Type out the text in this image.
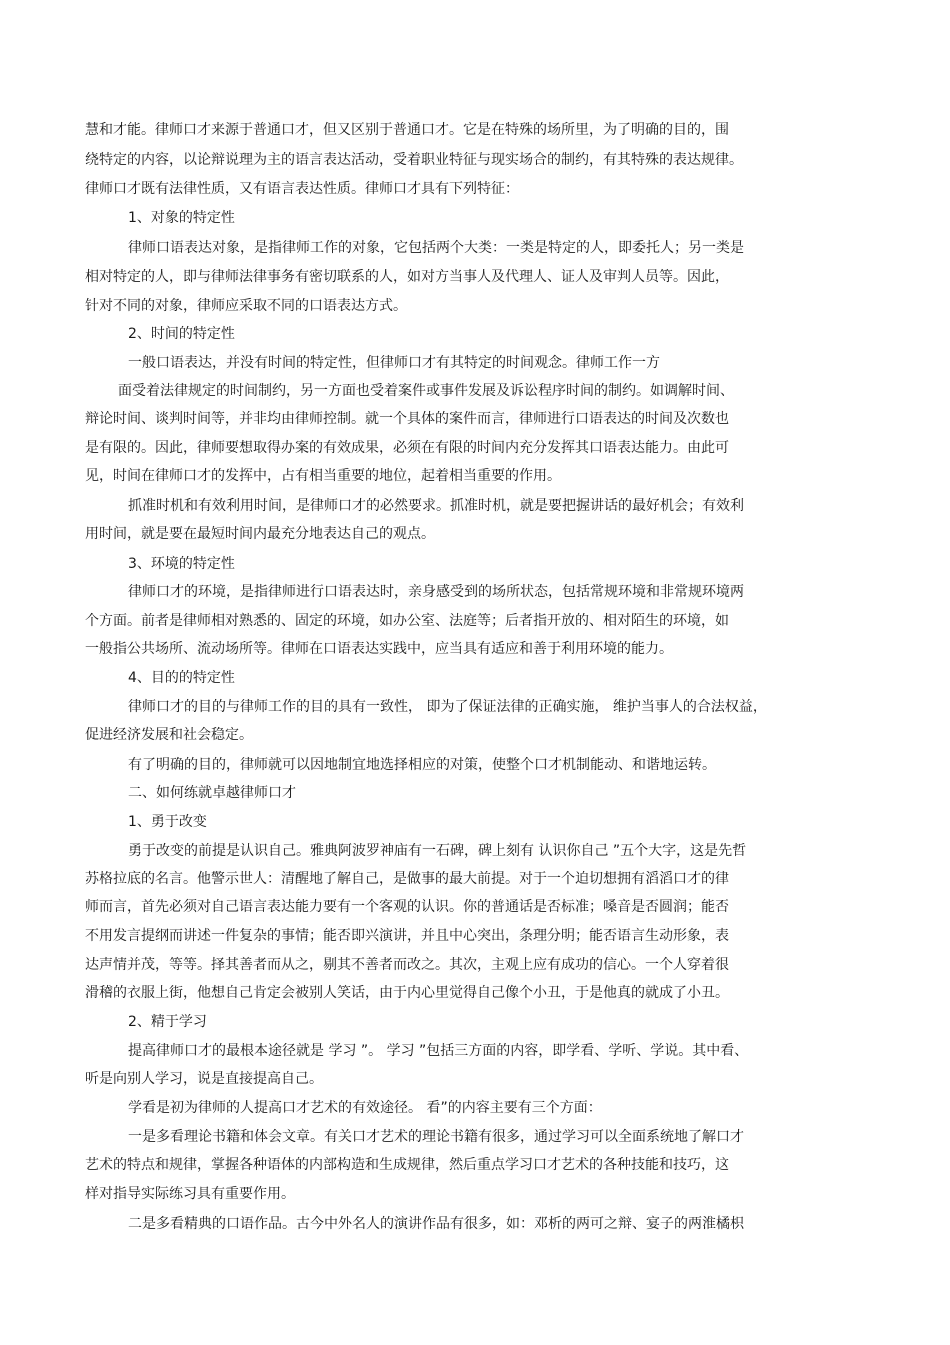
慧和才能。律师口才来源于普通口才，但又区别于普通口才。它是在特殊的场所里，为了明确的目的，围
绕特定的内容，以论辩说理为主的语言表达活动，受着职业特征与现实场合的制约，有其特殊的表达规律。
律师口才既有法律性质，又有语言表达性质。律师口才具有下列特征：
1、对象的特定性
律师口语表达对象，是指律师工作的对象，它包括两个大类：一类是特定的人，即委托人；另一类是
相对特定的人，即与律师法律事务有密切联系的人，如对方当事人及代理人、证人及审判人员等。因此，
针对不同的对象，律师应采取不同的口语表达方式。
2、时间的特定性
一般口语表达，并没有时间的特定性，但律师口才有其特定的时间观念。律师工作一方
面受着法律规定的时间制约，另一方面也受着案件或事件发展及诉讼程序时间的制约。如调解时间、
辩论时间、谈判时间等，并非均由律师控制。就一个具体的案件而言，律师进行口语表达的时间及次数也
是有限的。因此，律师要想取得办案的有效成果，必须在有限的时间内充分发挥其口语表达能力。由此可
见，时间在律师口才的发挥中，占有相当重要的地位，起着相当重要的作用。
抓准时机和有效利用时间，是律师口才的必然要求。抓准时机，就是要把握讲话的最好机会；有效利
用时间，就是要在最短时间内最充分地表达自己的观点。
3、环境的特定性
律师口才的环境，是指律师进行口语表达时，亲身感受到的场所状态，包括常规环境和非常规环境两
个方面。前者是律师相对熟悉的、固定的环境，如办公室、法庭等；后者指开放的、相对陌生的环境，如
一般指公共场所、流动场所等。律师在口语表达实践中，应当具有适应和善于利用环境的能力。
4、目的的特定性
律师口才的目的与律师工作的目的具有一致性， 即为了保证法律的正确实施， 维护当事人的合法权益，
促进经济发展和社会稳定。
有了明确的目的，律师就可以因地制宜地选择相应的对策，使整个口才机制能动、和谐地运转。
二、如何练就卓越律师口才
1、勇于改变
勇于改变的前提是认识自己。雅典阿波罗神庙有一石碑，碑上刻有 认识你自己 ”五个大字，这是先哲
苏格拉底的名言。他警示世人：清醒地了解自己，是做事的最大前提。对于一个迫切想拥有滔滔口才的律
师而言，首先必须对自己语言表达能力要有一个客观的认识。你的普通话是否标准；嗓音是否圆润；能否
不用发言提纲而讲述一件复杂的事情；能否即兴演讲，并且中心突出，条理分明；能否语言生动形象，表
达声情并茂，等等。择其善者而从之，剔其不善者而改之。其次，主观上应有成功的信心。一个人穿着很
滑稽的衣服上街，他想自己肯定会被别人笑话，由于内心里觉得自己像个小丑，于是他真的就成了小丑。
2、精于学习
提高律师口才的最根本途径就是 学习 ”。 学习 ”包括三方面的内容，即学看、学听、学说。其中看、
听是向别人学习，说是直接提高自己。
学看是初为律师的人提高口才艺术的有效途径。 看”的内容主要有三个方面：
一是多看理论书籍和体会文章。有关口才艺术的理论书籍有很多，通过学习可以全面系统地了解口才
艺术的特点和规律，掌握各种语体的内部构造和生成规律，然后重点学习口才艺术的各种技能和技巧，这
样对指导实际练习具有重要作用。
二是多看精典的口语作品。古今中外名人的演讲作品有很多，如：邓析的两可之辩、宴子的两淮橘枳
